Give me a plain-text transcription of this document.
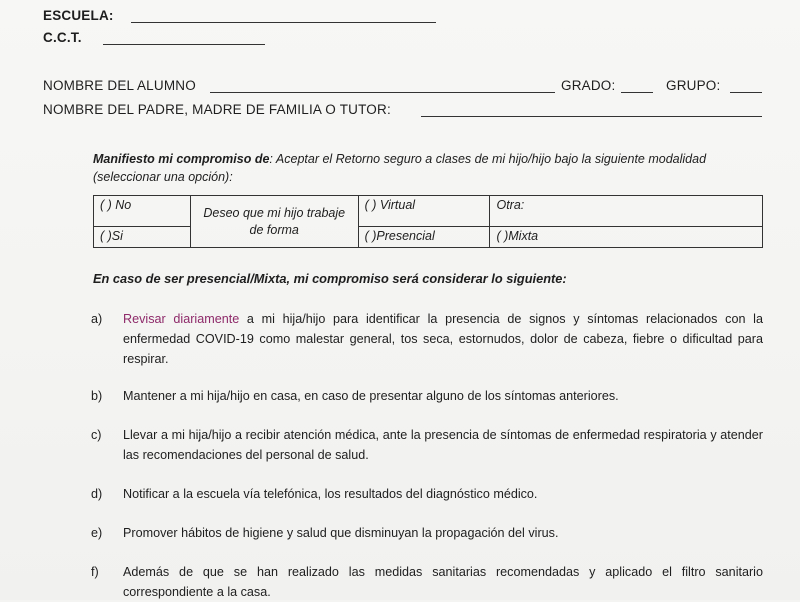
ESCUELA:
C.C.T.
NOMBRE DEL ALUMNO	GRADO:	GRUPO:
NOMBRE DEL PADRE, MADRE DE FAMILIA O TUTOR:
Manifiesto mi compromiso de: Aceptar el Retorno seguro a clases de mi hijo/hijo bajo la siguiente modalidad (seleccionar una opción):
( ) No	Deseo que mi hijo trabaje de forma	( ) Virtual	Otra:
( )Si		( )Presencial	( )Mixta
En caso de ser presencial/Mixta, mi compromiso será considerar lo siguiente:
a)	Revisar diariamente a mi hija/hijo para identificar la presencia de signos y síntomas relacionados con la enfermedad COVID-19 como malestar general, tos seca, estornudos, dolor de cabeza, fiebre o dificultad para respirar.
b)	Mantener a mi hija/hijo en casa, en caso de presentar alguno de los síntomas anteriores.
c)	Llevar a mi hija/hijo a recibir atención médica, ante la presencia de síntomas de enfermedad respiratoria y atender las recomendaciones del personal de salud.
d)	Notificar a la escuela vía telefónica, los resultados del diagnóstico médico.
e)	Promover hábitos de higiene y salud que disminuyan la propagación del virus.
f)	Además de que se han realizado las medidas sanitarias recomendadas y aplicado el filtro sanitario correspondiente a la casa.
